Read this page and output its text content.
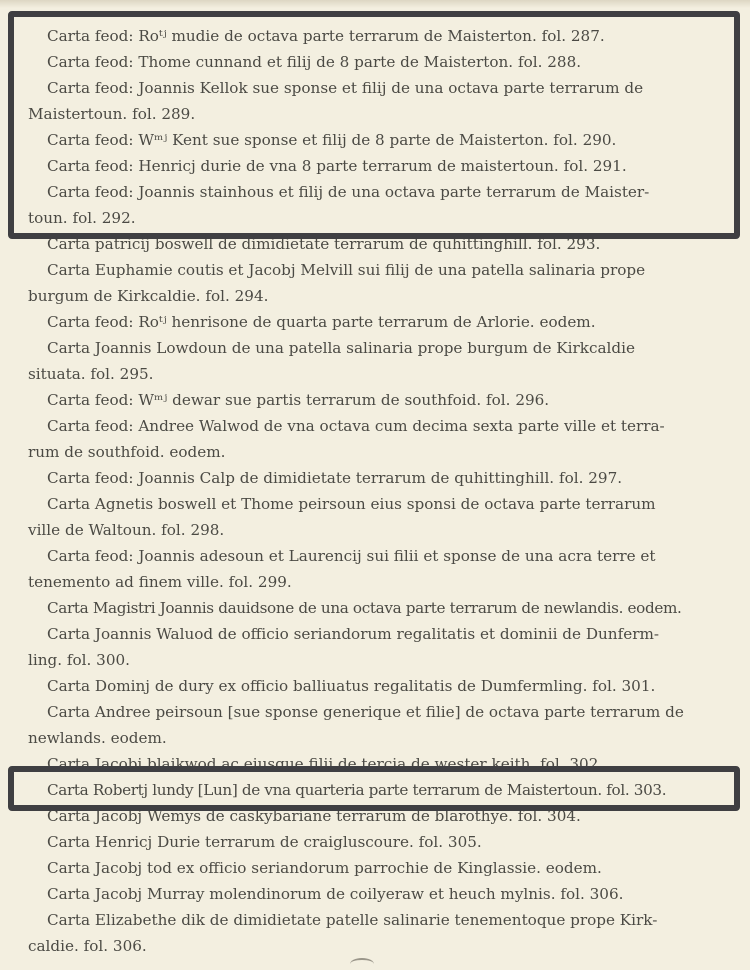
Carta feod: Roᵗʲ mudie de octava parte terrarum de Maisterton. fol. 287.
Carta feod: Thome cunnand et filij de 8 parte de Maisterton. fol. 288.
Carta feod: Joannis Kellok sue sponse et filij de una octava parte terrarum de
Maistertoun. fol. 289.
Carta feod: Wᵐʲ Kent sue sponse et filij de 8 parte de Maisterton. fol. 290.
Carta feod: Henricj durie de vna 8 parte terrarum de maistertoun. fol. 291.
Carta feod: Joannis stainhous et filij de una octava parte terrarum de Maister-
toun. fol. 292.
Carta patricij boswell de dimidietate terrarum de quhittinghill. fol. 293.
Carta Euphamie coutis et Jacobj Melvill sui filij de una patella salinaria prope
burgum de Kirkcaldie. fol. 294.
Carta feod: Roᵗʲ henrisone de quarta parte terrarum de Arlorie. eodem.
Carta Joannis Lowdoun de una patella salinaria prope burgum de Kirkcaldie
situata. fol. 295.
Carta feod: Wᵐʲ dewar sue partis terrarum de southfoid. fol. 296.
Carta feod: Andree Walwod de vna octava cum decima sexta parte ville et terra-
rum de southfoid. eodem.
Carta feod: Joannis Calp de dimidietate terrarum de quhittinghill. fol. 297.
Carta Agnetis boswell et Thome peirsoun eius sponsi de octava parte terrarum
ville de Waltoun. fol. 298.
Carta feod: Joannis adesoun et Laurencij sui filii et sponse de una acra terre et
tenemento ad finem ville. fol. 299.
Carta Magistri Joannis dauidsone de una octava parte terrarum de newlandis. eodem.
Carta Joannis Waluod de officio seriandorum regalitatis et dominii de Dunferm-
ling. fol. 300.
Carta Dominj de dury ex officio balliuatus regalitatis de Dumfermling. fol. 301.
Carta Andree peirsoun [sue sponse generique et filie] de octava parte terrarum de
newlands. eodem.
Carta Jacobj blaikwod ac eiusque filij de tercia de wester keith. fol. 302.
Carta Robertj lundy [Lun] de vna quarteria parte terrarum de Maistertoun. fol. 303.
Carta Jacobj Wemys de caskybariane terrarum de blarothye. fol. 304.
Carta Henricj Durie terrarum de craigluscoure. fol. 305.
Carta Jacobj tod ex officio seriandorum parrochie de Kinglassie. eodem.
Carta Jacobj Murray molendinorum de coilyeraw et heuch mylnis. fol. 306.
Carta Elizabethe dik de dimidietate patelle salinarie tenementoque prope Kirk-
caldie. fol. 306.
